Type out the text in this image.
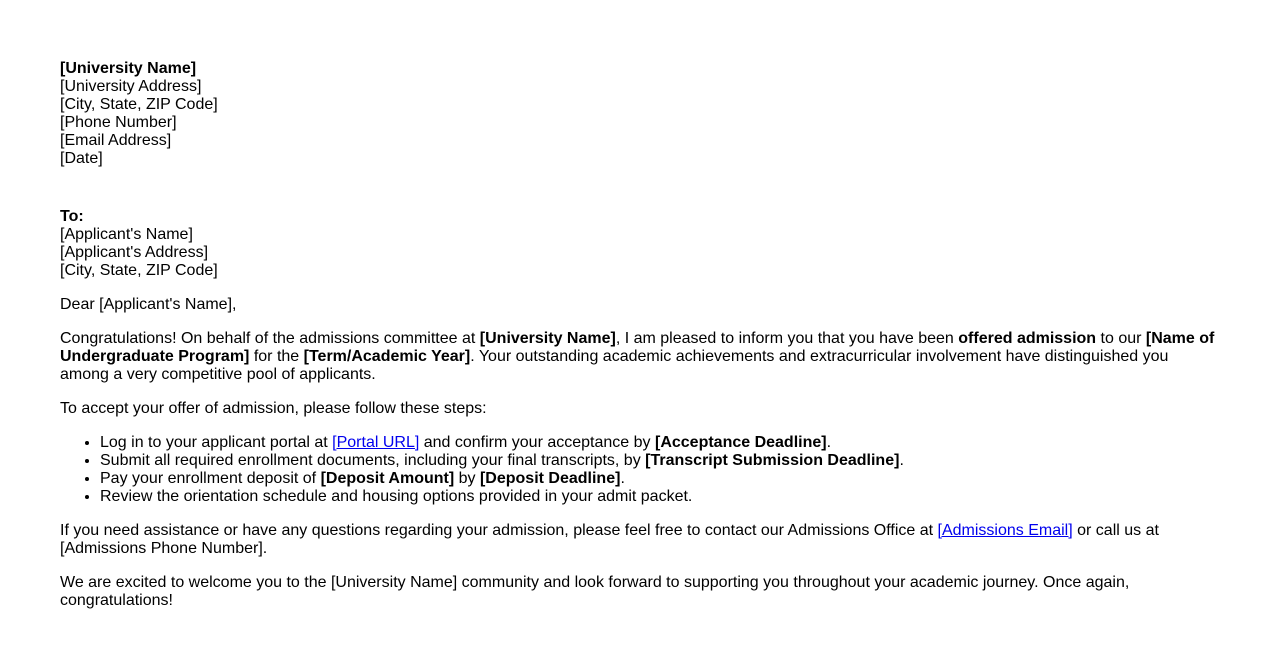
[University Name]
[University Address]
[City, State, ZIP Code]
[Phone Number]
[Email Address]
[Date]
To:
[Applicant's Name]
[Applicant's Address]
[City, State, ZIP Code]

Dear [Applicant's Name],

Congratulations! On behalf of the admissions committee at [University Name], I am pleased to inform you that you have been offered admission to our [Name of Undergraduate Program] for the [Term/Academic Year]. Your outstanding academic achievements and extracurricular involvement have distinguished you among a very competitive pool of applicants.

To accept your offer of admission, please follow these steps:

• Log in to your applicant portal at [Portal URL] and confirm your acceptance by [Acceptance Deadline].
• Submit all required enrollment documents, including your final transcripts, by [Transcript Submission Deadline].
• Pay your enrollment deposit of [Deposit Amount] by [Deposit Deadline].
• Review the orientation schedule and housing options provided in your admit packet.

If you need assistance or have any questions regarding your admission, please feel free to contact our Admissions Office at [Admissions Email] or call us at [Admissions Phone Number].

We are excited to welcome you to the [University Name] community and look forward to supporting you throughout your academic journey. Once again, congratulations!
